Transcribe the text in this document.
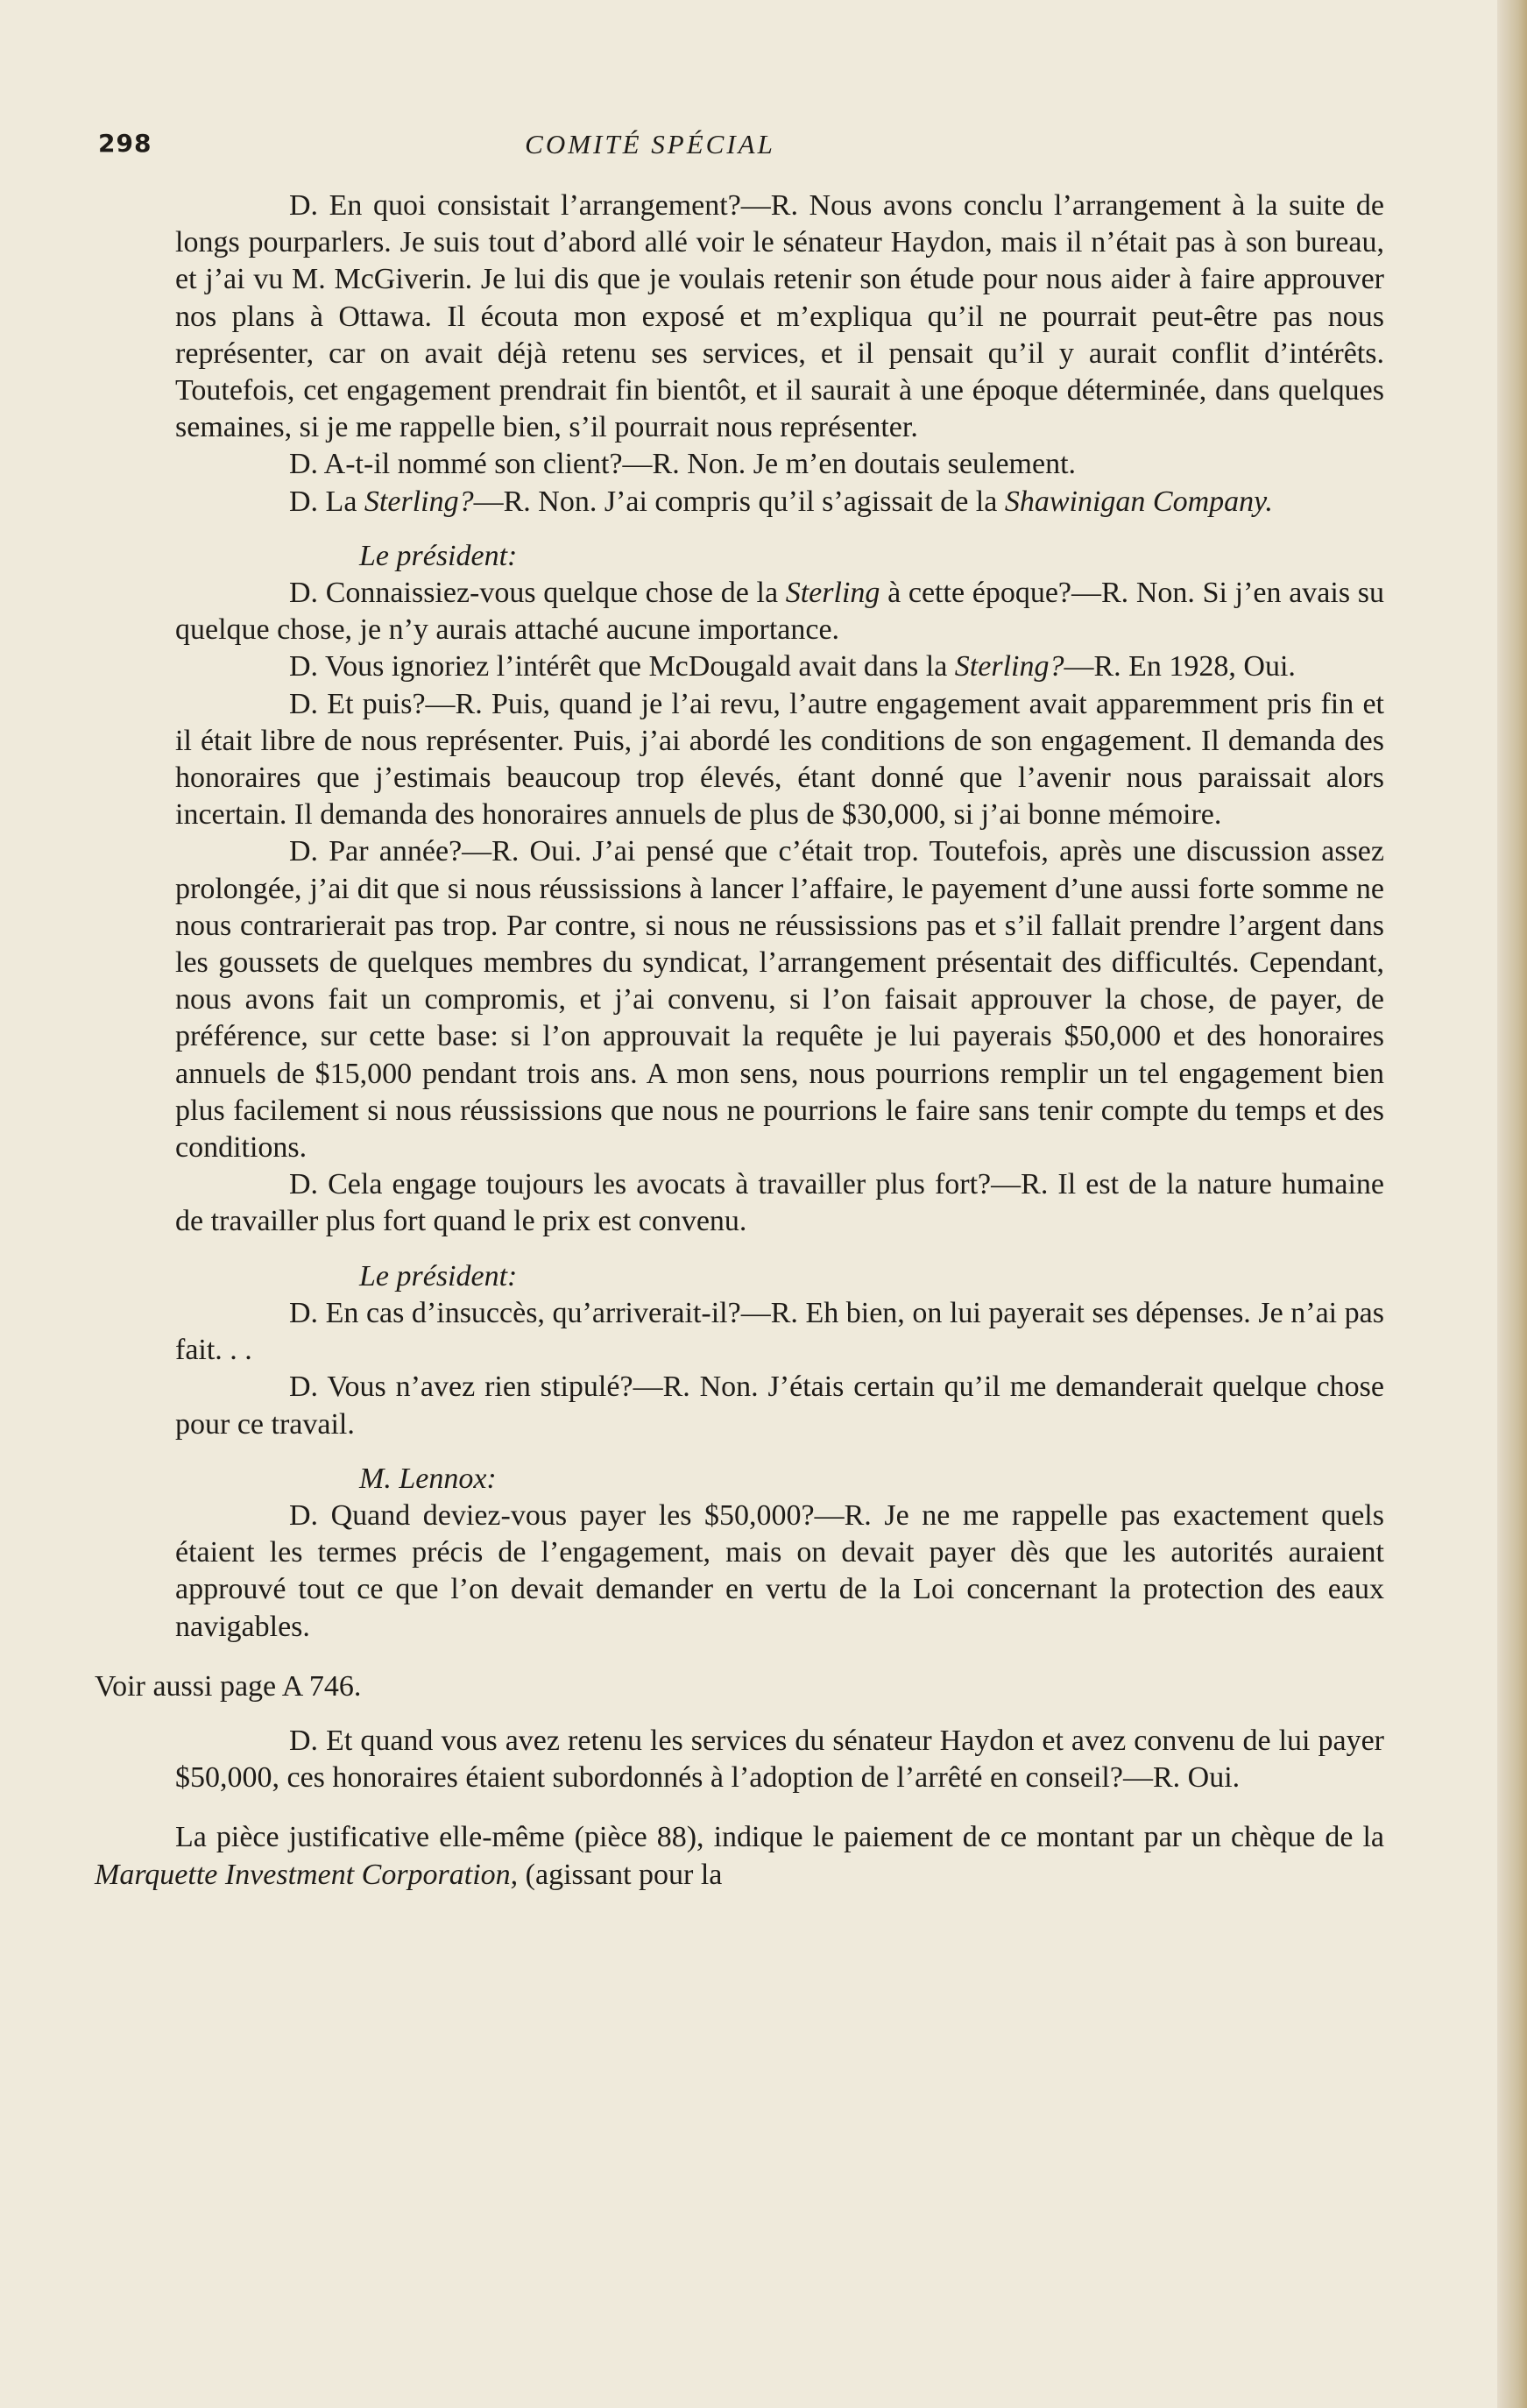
298	COMITÉ SPÉCIAL

D. En quoi consistait l’arrangement?—R. Nous avons conclu l’arrangement à la suite de longs pourparlers. Je suis tout d’abord allé voir le sénateur Haydon, mais il n’était pas à son bureau, et j’ai vu M. McGiverin. Je lui dis que je voulais retenir son étude pour nous aider à faire approuver nos plans à Ottawa. Il écouta mon exposé et m’expliqua qu’il ne pourrait peut-être pas nous représenter, car on avait déjà retenu ses services, et il pensait qu’il y aurait conflit d’intérêts. Toutefois, cet engagement prendrait fin bientôt, et il saurait à une époque déterminée, dans quelques semaines, si je me rappelle bien, s’il pourrait nous représenter.

D. A-t-il nommé son client?—R. Non. Je m’en doutais seulement.

D. La Sterling?—R. Non. J’ai compris qu’il s’agissait de la Shawinigan Company.

Le président:

D. Connaissiez-vous quelque chose de la Sterling à cette époque?—R. Non. Si j’en avais su quelque chose, je n’y aurais attaché aucune importance.

D. Vous ignoriez l’intérêt que McDougald avait dans la Sterling?—R. En 1928, Oui.

D. Et puis?—R. Puis, quand je l’ai revu, l’autre engagement avait apparemment pris fin et il était libre de nous représenter. Puis, j’ai abordé les conditions de son engagement. Il demanda des honoraires que j’estimais beaucoup trop élevés, étant donné que l’avenir nous paraissait alors incertain. Il demanda des honoraires annuels de plus de $30,000, si j’ai bonne mémoire.

D. Par année?—R. Oui. J’ai pensé que c’était trop. Toutefois, après une discussion assez prolongée, j’ai dit que si nous réussissions à lancer l’affaire, le payement d’une aussi forte somme ne nous contrarierait pas trop. Par contre, si nous ne réussissions pas et s’il fallait prendre l’argent dans les goussets de quelques membres du syndicat, l’arrangement présentait des difficultés. Cependant, nous avons fait un compromis, et j’ai convenu, si l’on faisait approuver la chose, de payer, de préférence, sur cette base: si l’on approuvait la requête je lui payerais $50,000 et des honoraires annuels de $15,000 pendant trois ans. A mon sens, nous pourrions remplir un tel engagement bien plus facilement si nous réussissions que nous ne pourrions le faire sans tenir compte du temps et des conditions.

D. Cela engage toujours les avocats à travailler plus fort?—R. Il est de la nature humaine de travailler plus fort quand le prix est convenu.

Le président:

D. En cas d’insuccès, qu’arriverait-il?—R. Eh bien, on lui payerait ses dépenses. Je n’ai pas fait. . .

D. Vous n’avez rien stipulé?—R. Non. J’étais certain qu’il me demanderait quelque chose pour ce travail.

M. Lennox:

D. Quand deviez-vous payer les $50,000?—R. Je ne me rappelle pas exactement quels étaient les termes précis de l’engagement, mais on devait payer dès que les autorités auraient approuvé tout ce que l’on devait demander en vertu de la Loi concernant la protection des eaux navigables.

Voir aussi page A 746.

D. Et quand vous avez retenu les services du sénateur Haydon et avez convenu de lui payer $50,000, ces honoraires étaient subordonnés à l’adoption de l’arrêté en conseil?—R. Oui.

La pièce justificative elle-même (pièce 88), indique le paiement de ce montant par un chèque de la Marquette Investment Corporation, (agissant pour la
